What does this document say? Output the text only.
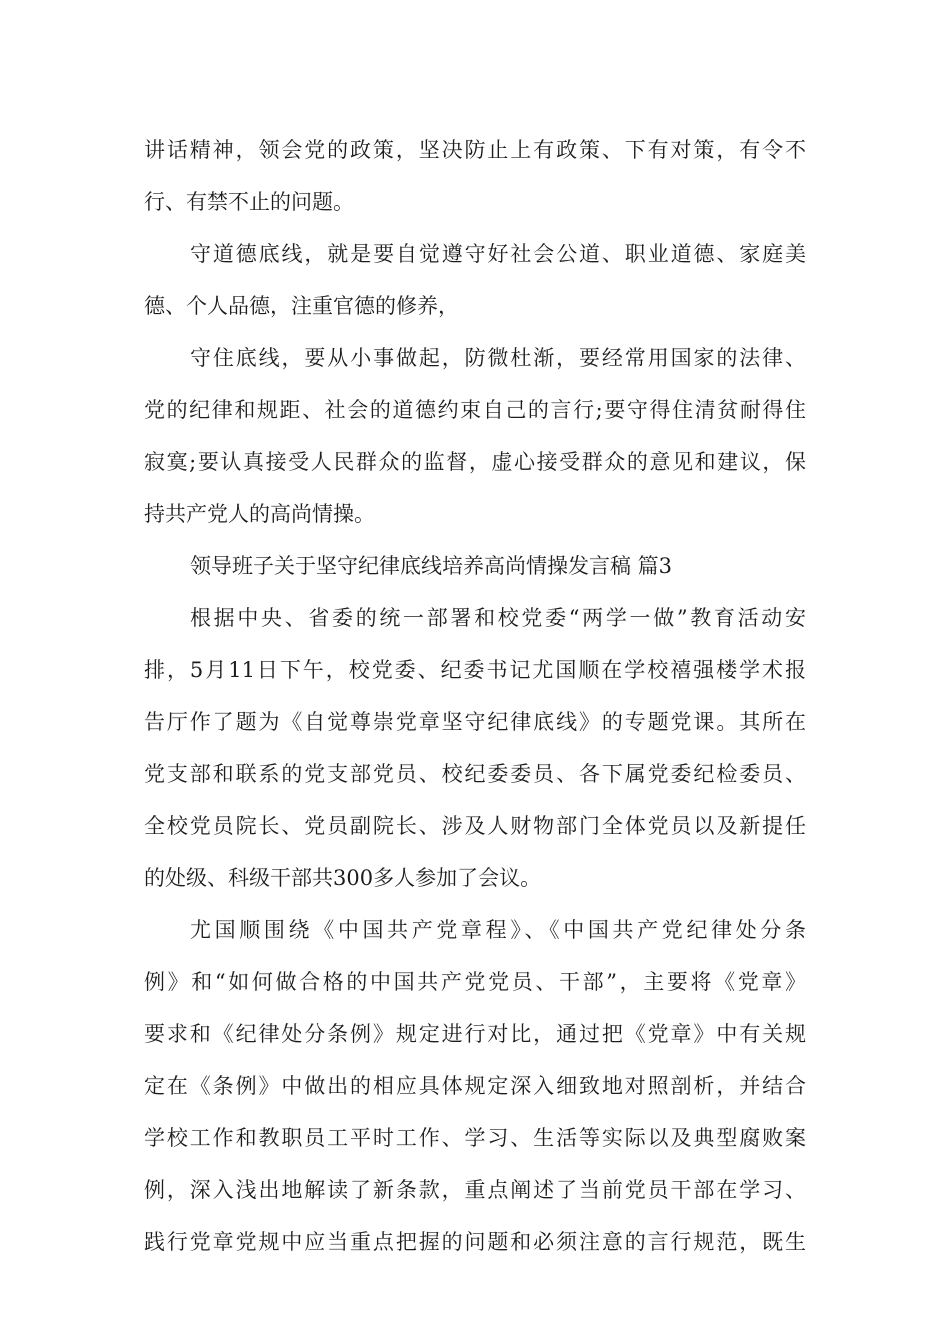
讲话精神，领会党的政策，坚决防止上有政策、下有对策，有令不
行、有禁不止的问题。
守道德底线，就是要自觉遵守好社会公道、职业道德、家庭美
德、个人品德，注重官德的修养，
守住底线，要从小事做起，防微杜渐，要经常用国家的法律、
党的纪律和规距、社会的道德约束自己的言行;要守得住清贫耐得住
寂寞;要认真接受人民群众的监督，虚心接受群众的意见和建议，保
持共产党人的高尚情操。
领导班子关于坚守纪律底线培养高尚情操发言稿 篇3
根据中央、省委的统一部署和校党委“两学一做”教育活动安
排，5月11日下午，校党委、纪委书记尤国顺在学校禧强楼学术报
告厅作了题为《自觉尊崇党章坚守纪律底线》的专题党课。其所在
党支部和联系的党支部党员、校纪委委员、各下属党委纪检委员、
全校党员院长、党员副院长、涉及人财物部门全体党员以及新提任
的处级、科级干部共300多人参加了会议。
尤国顺围绕《中国共产党章程》、《中国共产党纪律处分条
例》和“如何做合格的中国共产党党员、干部”，主要将《党章》
要求和《纪律处分条例》规定进行对比，通过把《党章》中有关规
定在《条例》中做出的相应具体规定深入细致地对照剖析，并结合
学校工作和教职员工平时工作、学习、生活等实际以及典型腐败案
例，深入浅出地解读了新条款，重点阐述了当前党员干部在学习、
践行党章党规中应当重点把握的问题和必须注意的言行规范，既生
